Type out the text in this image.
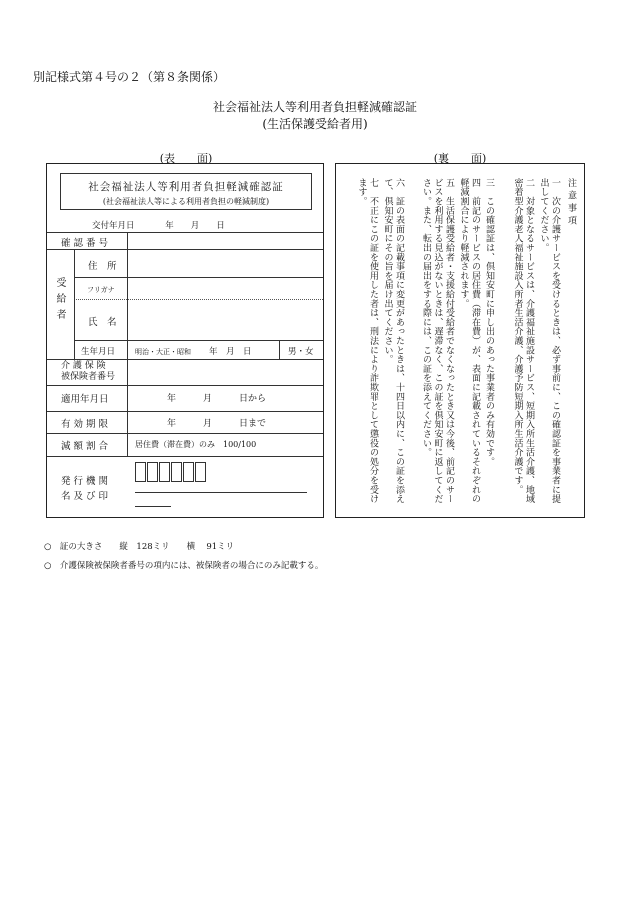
別記様式第４号の２（第８条関係）
社会福祉法人等利用者負担軽減確認証
(生活保護受給者用)
(表　　面)	(裏　　面)
社会福祉法人等利用者負担軽減確認証
(社会福祉法人等による利用者負担の軽減制度)
交付年月日	年　　月　　日
確 認 番 号
受給者
住　所
フリガナ
氏　名
生年月日	明治・大正・昭和 年　月　日	男・女
介 護 保 険
被保険者番号
適用年月日	年　　　月　　　日から
有 効 期 限	年　　　月　　　日まで
減 額 割 合	居住費（滞在費）のみ　100/100
発 行 機 関
名 及 び 印
注 意 事 項
一　次の介護サービスを受けるときは、必ず事前に、この確認証を事業者に提出してください。
二　対象となるサービスは、介護福祉施設サービス、短期入所生活介護、地域密着型介護老人福祉施設入所者生活介護、介護予防短期入所生活介護です。
三　この確認証は、倶知安町に申し出のあった事業者のみ有効です。
四　前記のサービスの居住費（滞在費）が、表面に記載されているそれぞれの軽減割合により軽減されます。
五　生活保護受給者・支援給付受給者でなくなったとき又は今後、前記のサービスを利用する見込がないときは、遅滞なく、この証を倶知安町に返してください。また、転出の届出をする際には、この証を添えてください。
六　証の表面の記載事項に変更があったときは、十四日以内に、この証を添えて、倶知安町にその旨を届け出てください。
七　不正にこの証を使用した者は、刑法により詐欺罪として懲役の処分を受けます。
○　証の大きさ　　縦　128ミリ　　横　 91ミリ
○　介護保険被保険者番号の項内には、被保険者の場合にのみ記載する。
